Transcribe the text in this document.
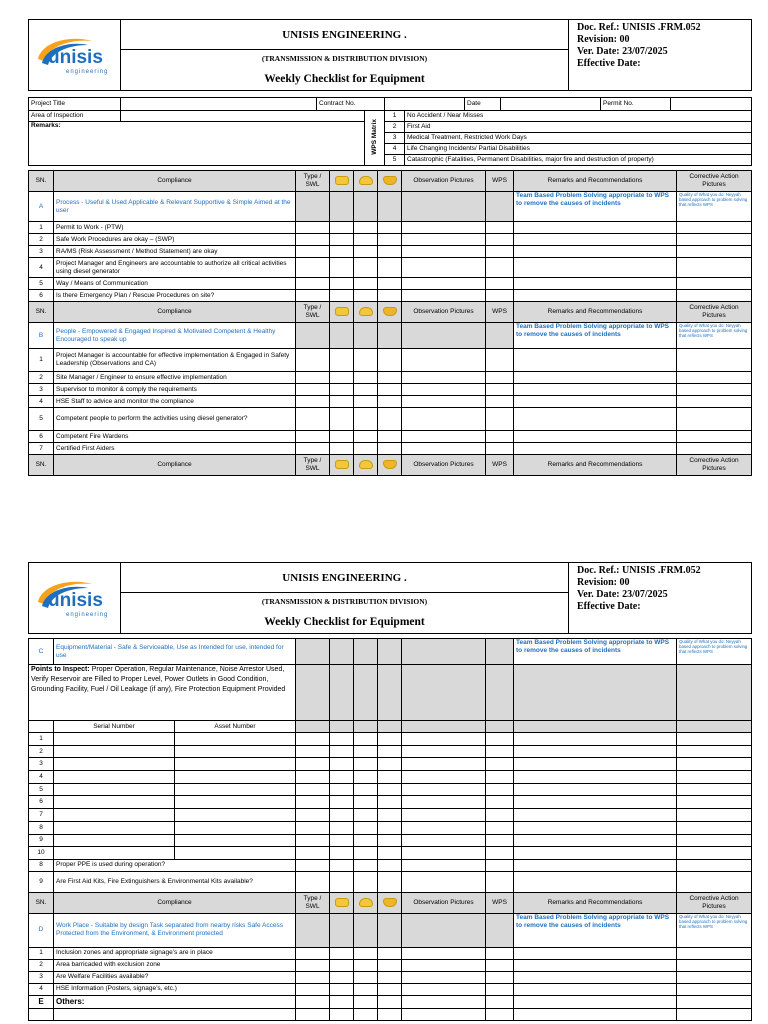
unisis
engineering
	UNISIS ENGINEERING .	
Doc. Ref.: UNISIS .FRM.052
Revision: 00
Ver. Date: 23/07/2025
Effective Date:

(TRANSMISSION & DISTRIBUTION DIVISION)
Weekly Checklist for Equipment
Project Title		Contract No.				Date		Permit No.	
Area of Inspection			WPS Matrix	1	No Accident / Near Misses				
Remarks:				2	First Aid				
				3	Medical Treatment, Restricted Work Days				
				4	Life Changing Incidents/ Partial Disabilities				
				5	Catastrophic (Fatalities, Permanent Disabilities, major fire and destruction of property)				
SN.	Compliance	Type / SWL				Observation Pictures	WPS	Remarks and Recommendations	Corrective Action Pictures
A	Process - Useful & Used Applicable & Relevant Supportive & Simple Aimed at the user							Team Based Problem Solving appropriate to WPS to remove the causes of incidents	Quality of What you do: Neyyah based approach to problem solving that reflects WPS
1	Permit to Work - (PTW)								
2	Safe Work Procedures are okay – (SWP)								
3	RA/MS (Risk Assessment / Method Statement) are okay								
4	Project Manager and Engineers are accountable to authorize all critical activities using diesel generator								
5	Way / Means of Communication								
6	Is there Emergency Plan / Rescue Procedures on site?								
SN.	Compliance	Type / SWL				Observation Pictures	WPS	Remarks and Recommendations	Corrective Action Pictures
B	People - Empowered & Engaged Inspired & Motivated Competent & Healthy Encouraged to speak up							Team Based Problem Solving appropriate to WPS to remove the causes of incidents	Quality of What you do: Neyyah based approach to problem solving that reflects WPS
1	Project Manager is accountable for effective implementation & Engaged in Safety Leadership (Observations and CA)								
2	Site Manager / Engineer to ensure effective implementation								
3	Supervisor to monitor & comply the requirements								
4	HSE Staff to advice and monitor the compliance								
5	Competent people to perform the activities using diesel generator?								
6	Competent Fire Wardens								
7	Certified First Aiders								
SN.	Compliance	Type / SWL				Observation Pictures	WPS	Remarks and Recommendations	Corrective Action Pictures
unisis
engineering
	UNISIS ENGINEERING .	
Doc. Ref.: UNISIS .FRM.052
Revision: 00
Ver. Date: 23/07/2025
Effective Date:

(TRANSMISSION & DISTRIBUTION DIVISION)
Weekly Checklist for Equipment
C	Equipment/Material - Safe & Serviceable, Use as Intended for use, intended for use								Team Based Problem Solving appropriate to WPS to remove the causes of incidents	Quality of What you do: Neyyah based approach to problem solving that reflects WPS
Points to Inspect: Proper Operation, Regular Maintenance, Noise Arrestor Used, Verify Reservoir are Filled to Proper Level, Power Outlets in Good Condition, Grounding Facility, Fuel / Oil Leakage (if any), Fire Protection Equipment Provided										
	Serial Number	Asset Number								
1										
2										
3										
4										
5										
6										
7										
8										
9										
10										
8	Proper PPE is used during operation?									
9	Are First Aid Kits, Fire Extinguishers & Environmental Kits available?									
SN.	Compliance		Type / SWL				Observation Pictures	WPS	Remarks and Recommendations	Corrective Action Pictures
D	Work Place - Suitable by design Task separated from nearby risks Safe Access Protected from the Environment, & Environment protected								Team Based Problem Solving appropriate to WPS to remove the causes of incidents	Quality of What you do: Neyyah based approach to problem solving that reflects WPS
1	Inclusion zones and appropriate signage’s are in place									
2	Area barricaded with exclusion zone									
3	Are Welfare Facilities available?									
4	HSE Information (Posters, signage’s, etc.)									
E	Others:									
